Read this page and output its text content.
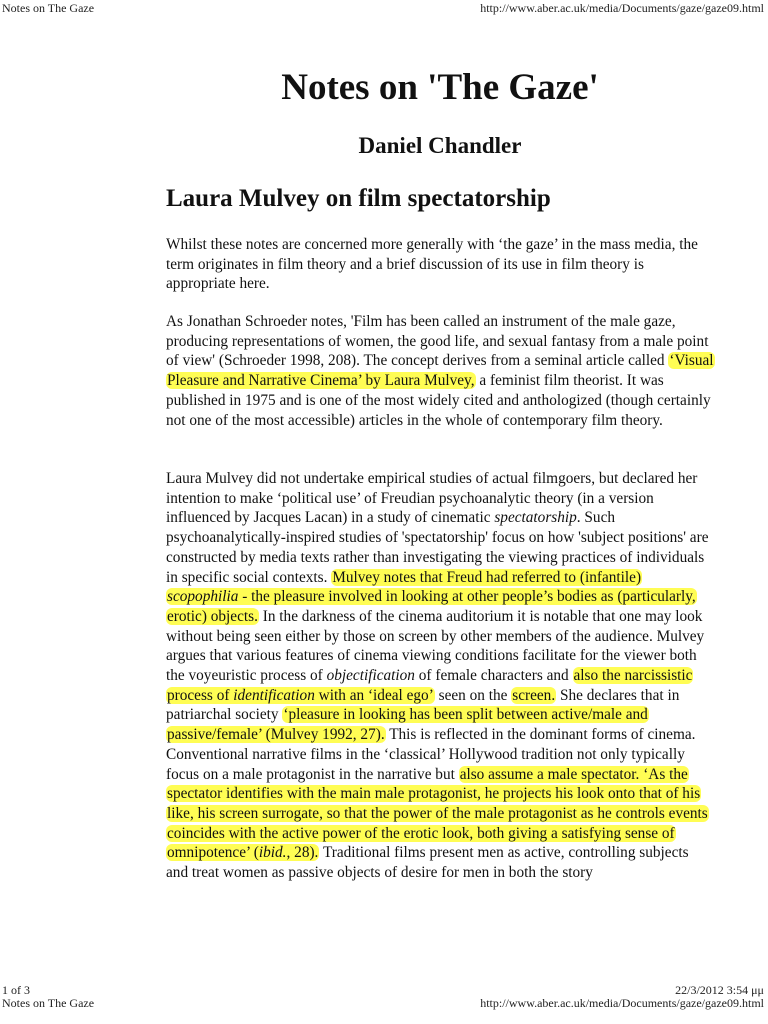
Notes on The Gaze	http://www.aber.ac.uk/media/Documents/gaze/gaze09.html
Notes on 'The Gaze'
Daniel Chandler
Laura Mulvey on film spectatorship

Whilst these notes are concerned more generally with ‘the gaze’ in the mass media, the term originates in film theory and a brief discussion of its use in film theory is appropriate here.

As Jonathan Schroeder notes, 'Film has been called an instrument of the male gaze, producing representations of women, the good life, and sexual fantasy from a male point of view' (Schroeder 1998, 208). The concept derives from a seminal article called ‘Visual Pleasure and Narrative Cinema’ by Laura Mulvey, a feminist film theorist. It was published in 1975 and is one of the most widely cited and anthologized (though certainly not one of the most accessible) articles in the whole of contemporary film theory.

Laura Mulvey did not undertake empirical studies of actual filmgoers, but declared her intention to make ‘political use’ of Freudian psychoanalytic theory (in a version influenced by Jacques Lacan) in a study of cinematic spectatorship. Such psychoanalytically-inspired studies of 'spectatorship' focus on how 'subject positions' are constructed by media texts rather than investigating the viewing practices of individuals in specific social contexts. Mulvey notes that Freud had referred to (infantile) scopophilia - the pleasure involved in looking at other people’s bodies as (particularly, erotic) objects. In the darkness of the cinema auditorium it is notable that one may look without being seen either by those on screen by other members of the audience. Mulvey argues that various features of cinema viewing conditions facilitate for the viewer both the voyeuristic process of objectification of female characters and also the narcissistic process of identification with an ‘ideal ego’ seen on the screen. She declares that in patriarchal society ‘pleasure in looking has been split between active/male and passive/female’ (Mulvey 1992, 27). This is reflected in the dominant forms of cinema. Conventional narrative films in the ‘classical’ Hollywood tradition not only typically focus on a male protagonist in the narrative but also assume a male spectator. ‘As the spectator identifies with the main male protagonist, he projects his look onto that of his like, his screen surrogate, so that the power of the male protagonist as he controls events coincides with the active power of the erotic look, both giving a satisfying sense of omnipotence’ (ibid., 28). Traditional films present men as active, controlling subjects and treat women as passive objects of desire for men in both the story

1 of 3	22/3/2012 3:54 μμ
Notes on The Gaze	http://www.aber.ac.uk/media/Documents/gaze/gaze09.html
